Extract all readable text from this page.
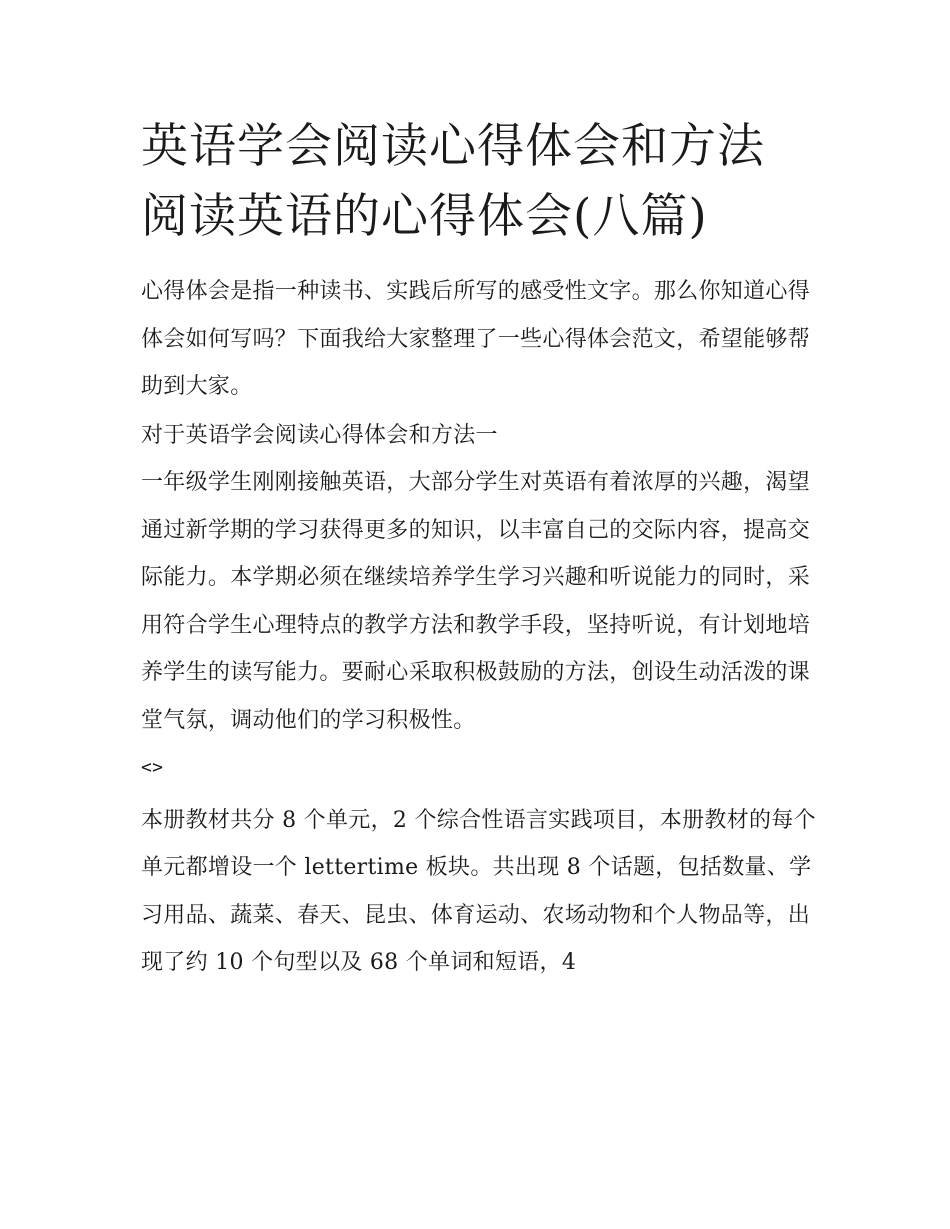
英语学会阅读心得体会和方法 阅读英语的心得体会(八篇)

心得体会是指一种读书、实践后所写的感受性文字。那么你知道心得体会如何写吗？下面我给大家整理了一些心得体会范文，希望能够帮助到大家。

对于英语学会阅读心得体会和方法一

一年级学生刚刚接触英语，大部分学生对英语有着浓厚的兴趣，渴望通过新学期的学习获得更多的知识，以丰富自己的交际内容，提高交际能力。本学期必须在继续培养学生学习兴趣和听说能力的同时，采用符合学生心理特点的教学方法和教学手段，坚持听说，有计划地培养学生的读写能力。要耐心采取积极鼓励的方法，创设生动活泼的课堂气氛，调动他们的学习积极性。

<>

本册教材共分 8 个单元，2 个综合性语言实践项目，本册教材的每个单元都增设一个 lettertime 板块。共出现 8 个话题，包括数量、学习用品、蔬菜、春天、昆虫、体育运动、农场动物和个人物品等，出现了约 10 个句型以及 68 个单词和短语，4
